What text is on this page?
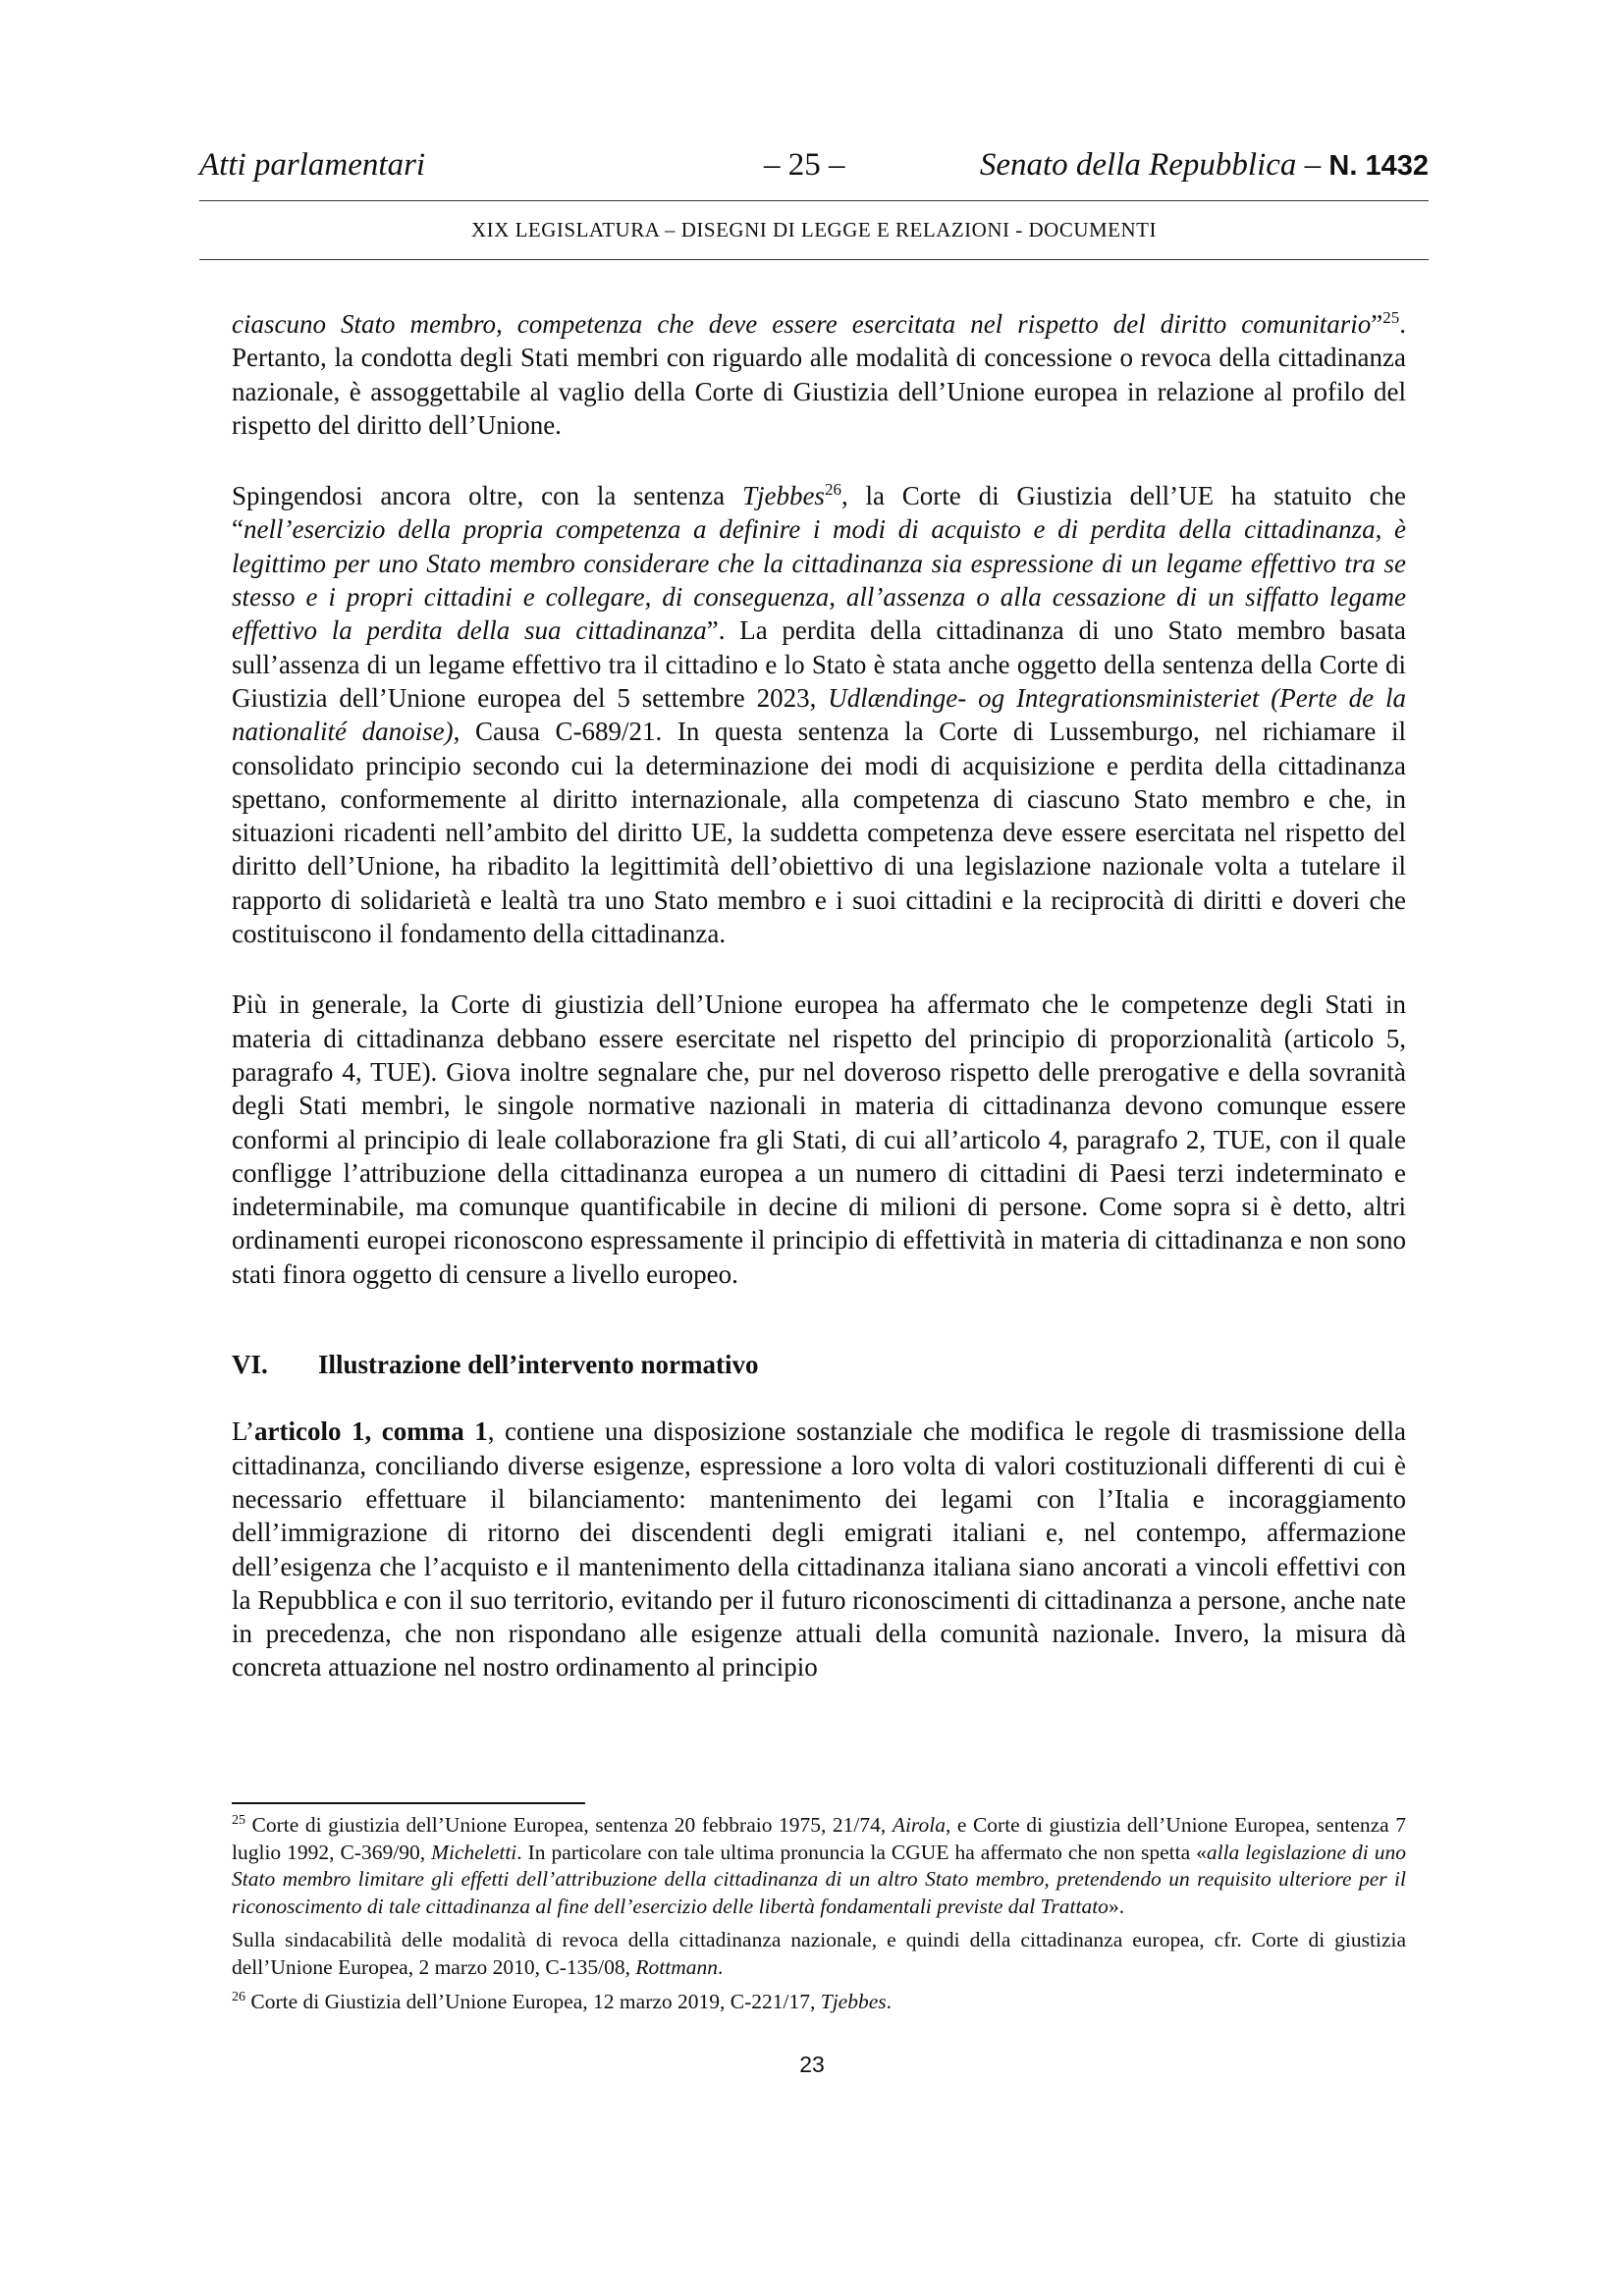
Atti parlamentari	– 25 –	Senato della Repubblica – N. 1432
XIX LEGISLATURA – DISEGNI DI LEGGE E RELAZIONI - DOCUMENTI

ciascuno Stato membro, competenza che deve essere esercitata nel rispetto del diritto comunitario”$^{25}$. Pertanto, la condotta degli Stati membri con riguardo alle modalità di concessione o revoca della cittadinanza nazionale, è assoggettabile al vaglio della Corte di Giustizia dell’Unione europea in relazione al profilo del rispetto del diritto dell’Unione.

Spingendosi ancora oltre, con la sentenza Tjebbes$^{26}$, la Corte di Giustizia dell’UE ha statuito che “nell’esercizio della propria competenza a definire i modi di acquisto e di perdita della cittadinanza, è legittimo per uno Stato membro considerare che la cittadinanza sia espressione di un legame effettivo tra se stesso e i propri cittadini e collegare, di conseguenza, all’assenza o alla cessazione di un siffatto legame effettivo la perdita della sua cittadinanza”. La perdita della cittadinanza di uno Stato membro basata sull’assenza di un legame effettivo tra il cittadino e lo Stato è stata anche oggetto della sentenza della Corte di Giustizia dell’Unione europea del 5 settembre 2023, Udlændinge- og Integrationsministeriet (Perte de la nationalité danoise), Causa C-689/21. In questa sentenza la Corte di Lussemburgo, nel richiamare il consolidato principio secondo cui la determinazione dei modi di acquisizione e perdita della cittadinanza spettano, conformemente al diritto internazionale, alla competenza di ciascuno Stato membro e che, in situazioni ricadenti nell’ambito del diritto UE, la suddetta competenza deve essere esercitata nel rispetto del diritto dell’Unione, ha ribadito la legittimità dell’obiettivo di una legislazione nazionale volta a tutelare il rapporto di solidarietà e lealtà tra uno Stato membro e i suoi cittadini e la reciprocità di diritti e doveri che costituiscono il fondamento della cittadinanza.

Più in generale, la Corte di giustizia dell’Unione europea ha affermato che le competenze degli Stati in materia di cittadinanza debbano essere esercitate nel rispetto del principio di proporzionalità (articolo 5, paragrafo 4, TUE). Giova inoltre segnalare che, pur nel doveroso rispetto delle prerogative e della sovranità degli Stati membri, le singole normative nazionali in materia di cittadinanza devono comunque essere conformi al principio di leale collaborazione fra gli Stati, di cui all’articolo 4, paragrafo 2, TUE, con il quale confligge l’attribuzione della cittadinanza europea a un numero di cittadini di Paesi terzi indeterminato e indeterminabile, ma comunque quantificabile in decine di milioni di persone. Come sopra si è detto, altri ordinamenti europei riconoscono espressamente il principio di effettività in materia di cittadinanza e non sono stati finora oggetto di censure a livello europeo.

VI.	Illustrazione dell’intervento normativo

L’articolo 1, comma 1, contiene una disposizione sostanziale che modifica le regole di trasmissione della cittadinanza, conciliando diverse esigenze, espressione a loro volta di valori costituzionali differenti di cui è necessario effettuare il bilanciamento: mantenimento dei legami con l’Italia e incoraggiamento dell’immigrazione di ritorno dei discendenti degli emigrati italiani e, nel contempo, affermazione dell’esigenza che l’acquisto e il mantenimento della cittadinanza italiana siano ancorati a vincoli effettivi con la Repubblica e con il suo territorio, evitando per il futuro riconoscimenti di cittadinanza a persone, anche nate in precedenza, che non rispondano alle esigenze attuali della comunità nazionale. Invero, la misura dà concreta attuazione nel nostro ordinamento al principio

$^{25}$ Corte di giustizia dell’Unione Europea, sentenza 20 febbraio 1975, 21/74, Airola, e Corte di giustizia dell’Unione Europea, sentenza 7 luglio 1992, C-369/90, Micheletti. In particolare con tale ultima pronuncia la CGUE ha affermato che non spetta «alla legislazione di uno Stato membro limitare gli effetti dell’attribuzione della cittadinanza di un altro Stato membro, pretendendo un requisito ulteriore per il riconoscimento di tale cittadinanza al fine dell’esercizio delle libertà fondamentali previste dal Trattato».

Sulla sindacabilità delle modalità di revoca della cittadinanza nazionale, e quindi della cittadinanza europea, cfr. Corte di giustizia dell’Unione Europea, 2 marzo 2010, C-135/08, Rottmann.

$^{26}$ Corte di Giustizia dell’Unione Europea, 12 marzo 2019, C-221/17, Tjebbes.

23
